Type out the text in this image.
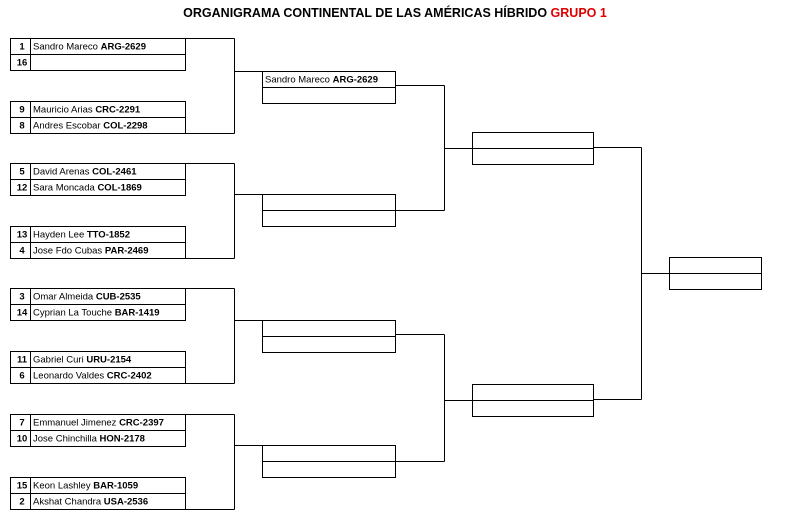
ORGANIGRAMA CONTINENTAL DE LAS AMÉRICAS HÍBRIDO GRUPO 1
1 Sandro Mareco ARG-2629
16
9 Mauricio Arias CRC-2291
8 Andres Escobar COL-2298
5 David Arenas COL-2461
12 Sara Moncada COL-1869
13 Hayden Lee TTO-1852
4 Jose Fdo Cubas PAR-2469
3 Omar Almeida CUB-2535
14 Cyprian La Touche BAR-1419
11 Gabriel Curi URU-2154
6 Leonardo Valdes CRC-2402
7 Emmanuel Jimenez CRC-2397
10 Jose Chinchilla HON-2178
15 Keon Lashley BAR-1059
2 Akshat Chandra USA-2536
Sandro Mareco ARG-2629
